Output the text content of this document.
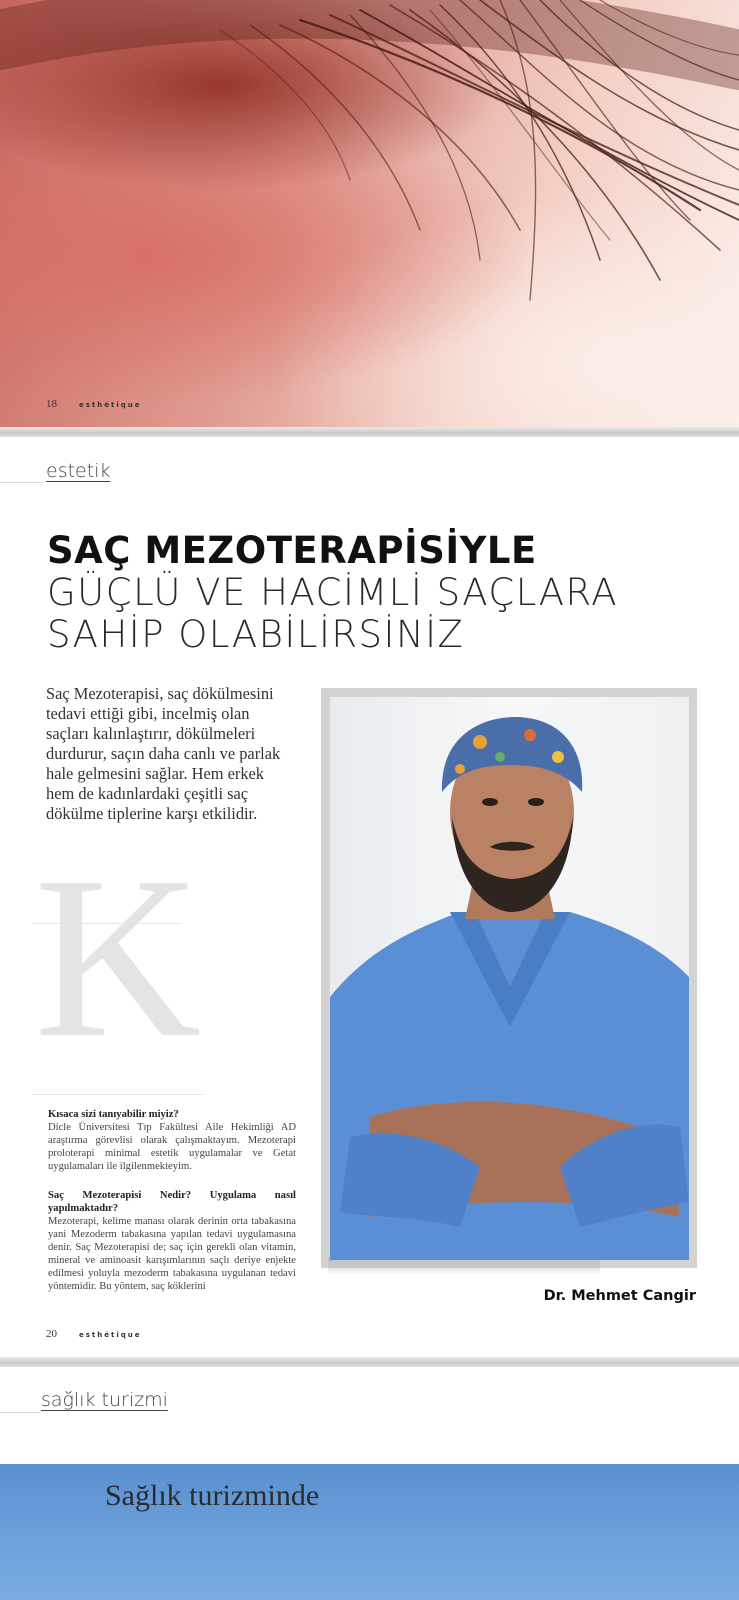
18	esthétique
estetik
SAÇ MEZOTERAPİSİYLE
GÜÇLÜ VE HACİMLİ SAÇLARA
SAHİP OLABİLİRSİNİZ

Saç Mezoterapisi, saç dökülmesini tedavi ettiği gibi, incelmiş olan saçları kalınlaştırır, dökülmeleri durdurur, saçın daha canlı ve parlak hale gelmesini sağlar. Hem erkek hem de kadınlardaki çeşitli saç dökülme tiplerine karşı etkilidir.

K
Kısaca sizi tanıyabilir miyiz?
Dicle Üniversitesi Tıp Fakültesi Aile Hekimliği AD araştırma görevlisi olarak çalışmaktayım. Mezoterapi proloterapi minimal estetik uygulamalar ve Getat uygulamaları ile ilgilenmekteyim.
Saç Mezoterapisi Nedir? Uygulama nasıl yapılmaktadır?
Mezoterapi, kelime manası olarak derinin orta tabakasına yani Mezoderm tabakasına yapılan tedavi uygulamasına denir. Saç Mezoterapisi de; saç için gerekli olan vitamin, mineral ve aminoasit karışımlarının saçlı deriye enjekte edilmesi yoluyla mezoderm tabakasına uygulanan tedavi yöntemidir. Bu yöntem, saç köklerini
Dr. Mehmet Cangir
20	esthétique
sağlık turizmi
Sağlık turizminde
